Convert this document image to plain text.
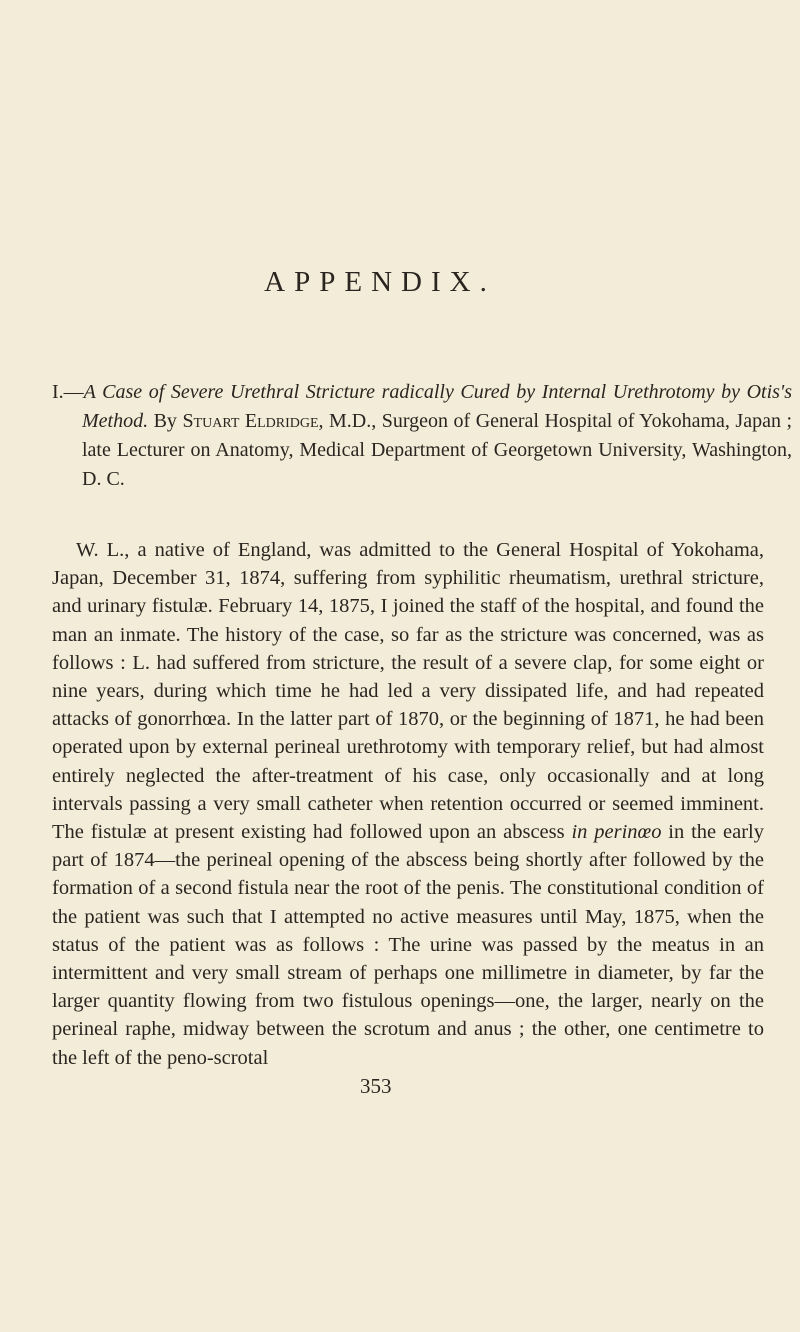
APPENDIX.
I.—A Case of Severe Urethral Stricture radically Cured by Internal Urethrotomy by Otis's Method. By Stuart Eldridge, M.D., Surgeon of General Hospital of Yokohama, Japan ; late Lecturer on Anatomy, Medical Department of Georgetown University, Washington, D. C.
W. L., a native of England, was admitted to the General Hospital of Yokohama, Japan, December 31, 1874, suffering from syphilitic rheumatism, urethral stricture, and urinary fistulæ. February 14, 1875, I joined the staff of the hospital, and found the man an inmate. The history of the case, so far as the stricture was concerned, was as follows : L. had suffered from stricture, the result of a severe clap, for some eight or nine years, during which time he had led a very dissipated life, and had repeated attacks of gonorrhœa. In the latter part of 1870, or the beginning of 1871, he had been operated upon by external perineal urethrotomy with temporary relief, but had almost entirely neglected the after-treatment of his case, only occasionally and at long intervals passing a very small catheter when retention occurred or seemed imminent. The fistulæ at present existing had followed upon an abscess in perinœo in the early part of 1874—the perineal opening of the abscess being shortly after followed by the formation of a second fistula near the root of the penis. The constitutional condition of the patient was such that I attempted no active measures until May, 1875, when the status of the patient was as follows : The urine was passed by the meatus in an intermittent and very small stream of perhaps one millimetre in diameter, by far the larger quantity flowing from two fistulous openings—one, the larger, nearly on the perineal raphe, midway between the scrotum and anus ; the other, one centimetre to the left of the peno-scrotal
353
